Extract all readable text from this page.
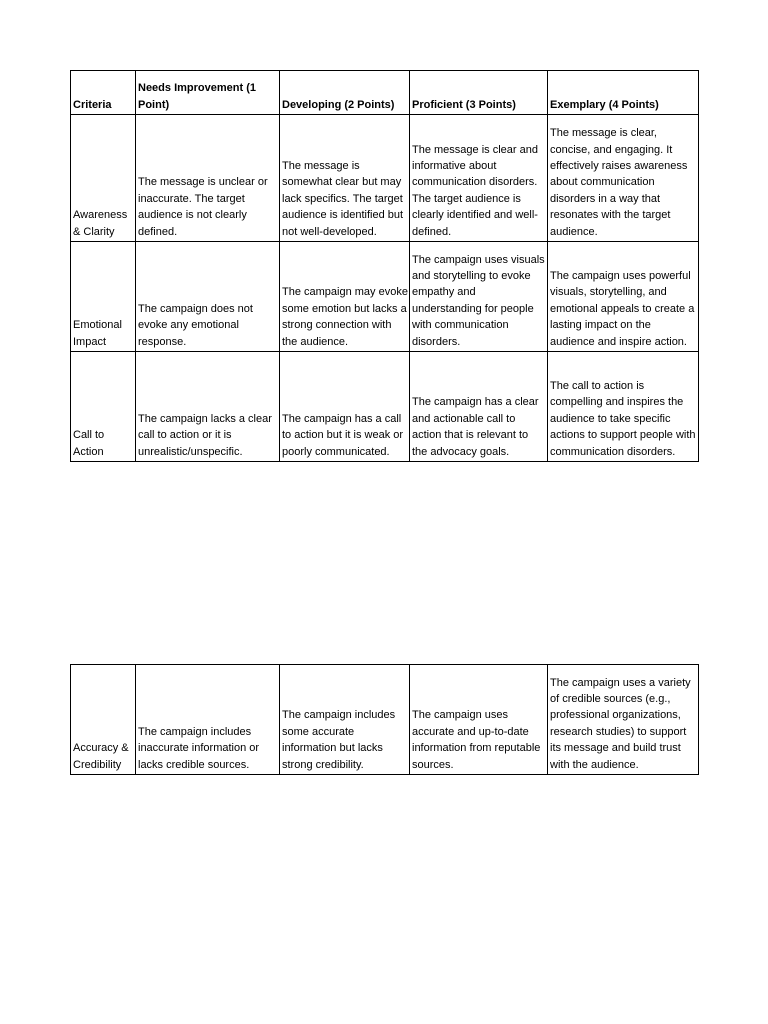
Criteria	Needs Improvement (1 Point)	Developing (2 Points)	Proficient (3 Points)	Exemplary (4 Points)
Awareness & Clarity	The message is unclear or inaccurate. The target audience is not clearly defined.	The message is somewhat clear but may lack specifics. The target audience is identified but not well-developed.	The message is clear and informative about communication disorders. The target audience is clearly identified and well-defined.	The message is clear, concise, and engaging. It effectively raises awareness about communication disorders in a way that resonates with the target audience.
Emotional Impact	The campaign does not evoke any emotional response.	The campaign may evoke some emotion but lacks a strong connection with the audience.	The campaign uses visuals and storytelling to evoke empathy and understanding for people with communication disorders.	The campaign uses powerful visuals, storytelling, and emotional appeals to create a lasting impact on the audience and inspire action.
Call to Action	The campaign lacks a clear call to action or it is unrealistic/unspecific.	The campaign has a call to action but it is weak or poorly communicated.	The campaign has a clear and actionable call to action that is relevant to the advocacy goals.	The call to action is compelling and inspires the audience to take specific actions to support people with communication disorders.
Accuracy & Credibility	The campaign includes inaccurate information or lacks credible sources.	The campaign includes some accurate information but lacks strong credibility.	The campaign uses accurate and up-to-date information from reputable sources.	The campaign uses a variety of credible sources (e.g., professional organizations, research studies) to support its message and build trust with the audience.
